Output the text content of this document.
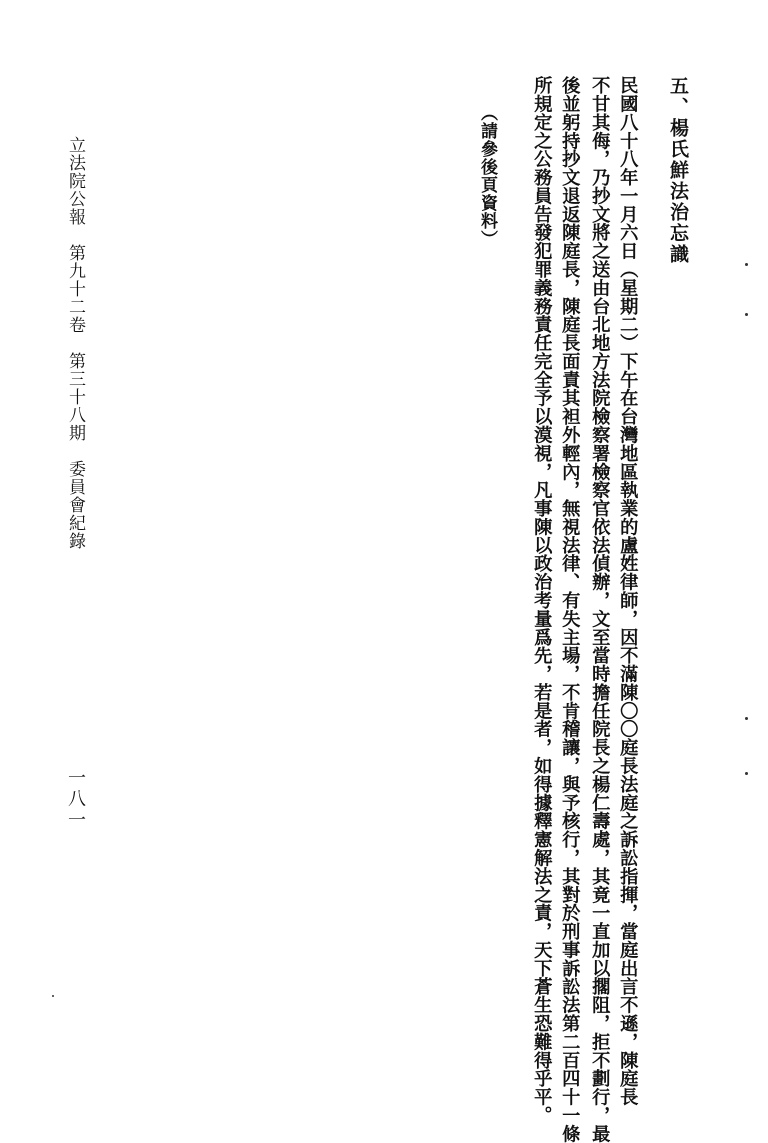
五、楊氏鮮法治忘識
民國八十八年一月六日（星期二）下午在台灣地區執業的盧姓律師，因不滿陳〇〇庭長法庭之訴訟指揮，當庭出言不遜，陳庭長
不甘其侮，乃抄文將之送由台北地方法院檢察署檢察官依法偵辦，文至當時擔任院長之楊仁壽處，其竟一直加以擱阻，拒不劃行，最
後並躬持抄文退返陳庭長，陳庭長面責其袒外輕內，無視法律、有失主場，不肯稽讓，與予核行，其對於刑事訴訟法第二百四十一條
所規定之公務員告發犯罪義務責任完全予以漠視，凡事陳以政治考量爲先，若是者，如得據釋憲解法之責，天下蒼生恐難得乎平。
（請參後頁資料）
立法院公報　第九十二卷　第三十八期　委員會紀錄
一八一
